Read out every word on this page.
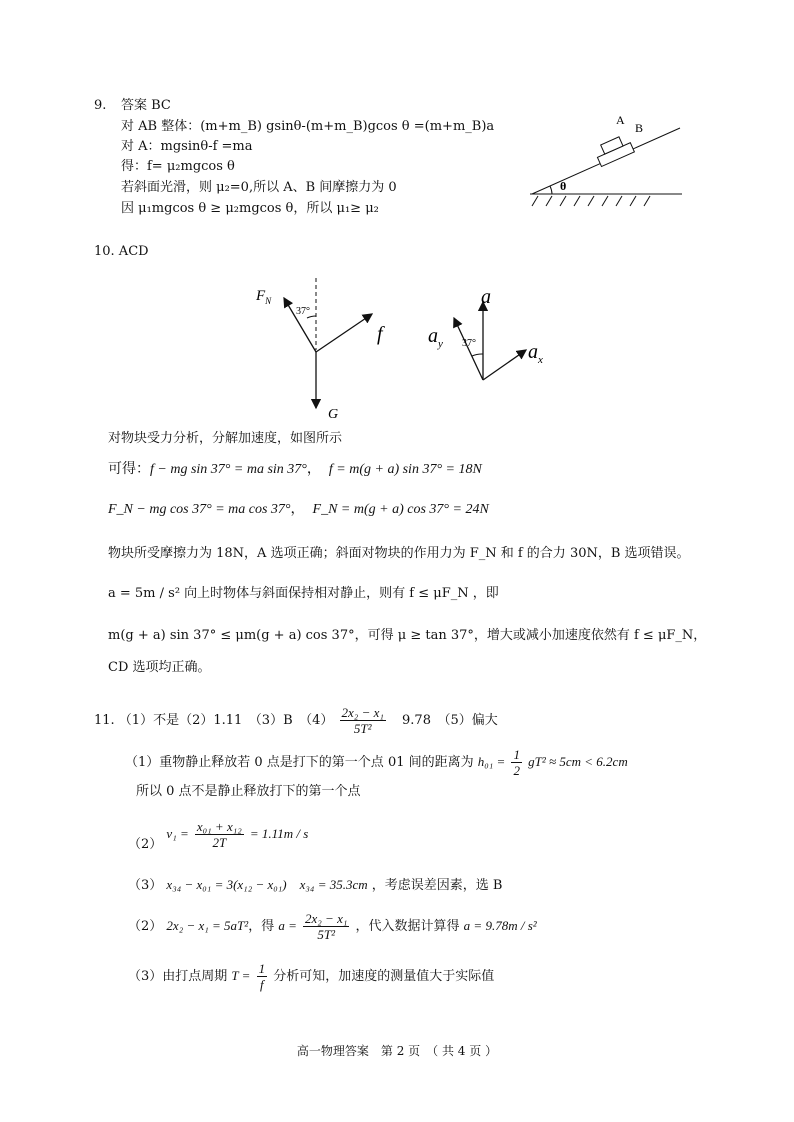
9. 答案 BC
对 AB 整体：(m+m_B) gsinθ-(m+m_B)gcos θ =(m+m_B)a
对 A：mgsinθ-f =ma
得：f= μ₂mgcos θ
若斜面光滑，则 μ₂=0,所以 A、B 间摩擦力为 0
因 μ₁mgcos θ ≥ μ₂mgcos θ，所以 μ₁≥ μ₂
θ
A
B
10. ACD
$F_N$
37°
f
G
a
$a_y$ 37°	$a_x$
对物块受力分析，分解加速度，如图所示
可得：f − mg sin 37° = ma sin 37°， f = m(g + a) sin 37° = 18N
F_N − mg cos 37° = ma cos 37°， F_N = m(g + a) cos 37° = 24N
物块所受摩擦力为 18N，A 选项正确；斜面对物块的作用力为 F_N 和 f 的合力 30N，B 选项错误。
a = 5m / s² 向上时物体与斜面保持相对静止，则有 f ≤ μF_N ，即
m(g + a) sin 37° ≤ μm(g + a) cos 37°，可得 μ ≥ tan 37°，增大或减小加速度依然有 f ≤ μF_N，
CD 选项均正确。
11. （1）不是（2）1.11　（3）B　$(4) \frac{\text{2x₂ − x₁}}{\text{5T²}} 9.78$　（5）偏大
（1）重物静止释放若 0 点是打下的第一个点 01 间的距离为 $h_{01} = \frac{1}{2} gT^2 \approx 5cm < 6.2cm$
所以 0 点不是静止释放打下的第一个点
（2） $v_1 = \frac{\text{x₀₁ + x₁₂}}{2T} = 1.11m / s$
（3） x₃₄ − x₀₁ = 3(x₁₂ − x₀₁)　x₃₄ = 35.3cm ，考虑误差因素，选 B
（2） 2x₂ − x₁ = 5aT²，得 $a = \frac{\text{2x₂ − x₁}}{\text{5T²}}$ ，代入数据计算得 a = 9.78m / s²
（3）由打点周期 $T = \frac{1}{f}$ 分析可知，加速度的测量值大于实际值
高一物理答案　第 2 页　（ 共 4 页 ）
